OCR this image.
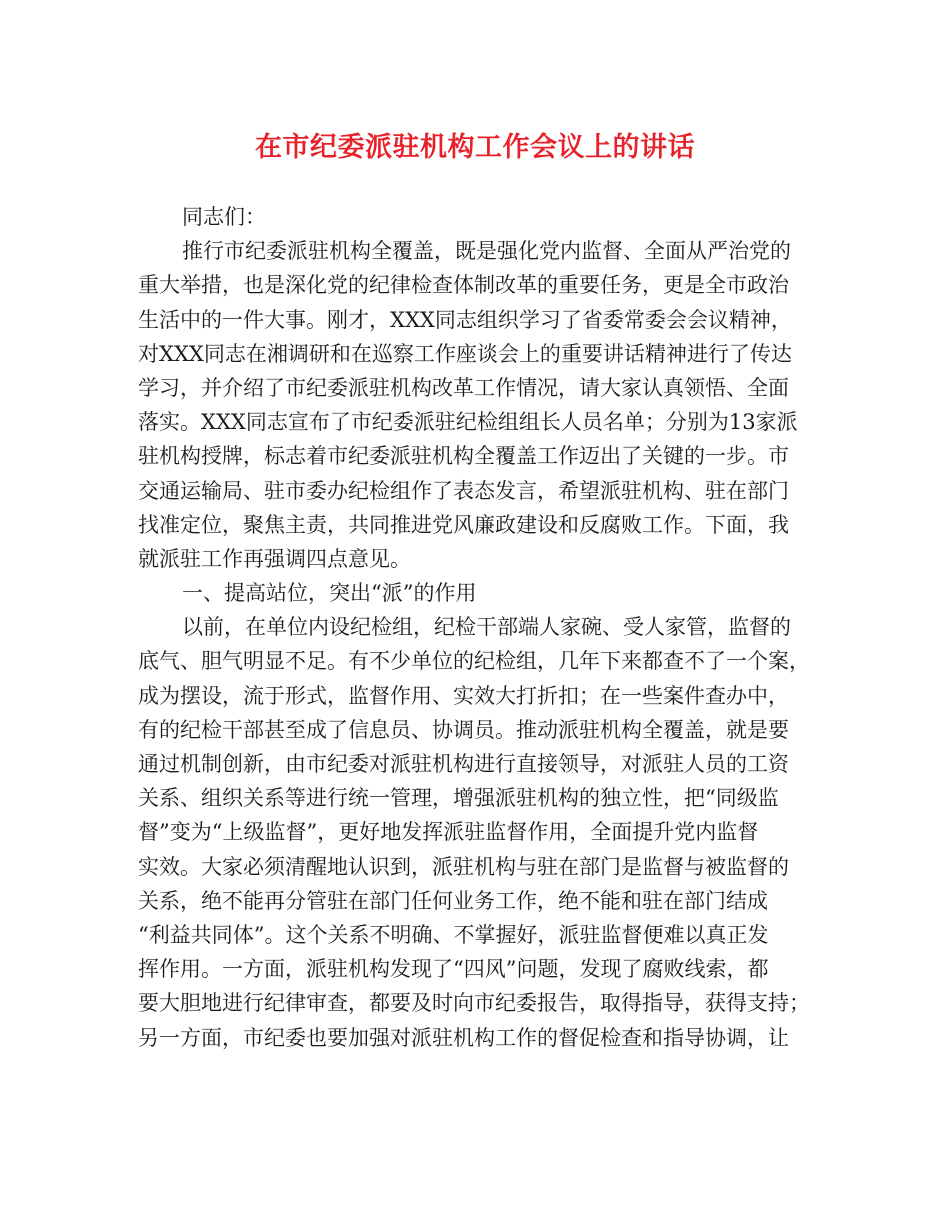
在市纪委派驻机构工作会议上的讲话
同志们：
推行市纪委派驻机构全覆盖，既是强化党内监督、全面从严治党的
重大举措，也是深化党的纪律检查体制改革的重要任务，更是全市政治
生活中的一件大事。刚才，XXX同志组织学习了省委常委会会议精神，
对XXX同志在湘调研和在巡察工作座谈会上的重要讲话精神进行了传达
学习，并介绍了市纪委派驻机构改革工作情况，请大家认真领悟、全面
落实。XXX同志宣布了市纪委派驻纪检组组长人员名单；分别为13家派
驻机构授牌，标志着市纪委派驻机构全覆盖工作迈出了关键的一步。市
交通运输局、驻市委办纪检组作了表态发言，希望派驻机构、驻在部门
找准定位，聚焦主责，共同推进党风廉政建设和反腐败工作。下面，我
就派驻工作再强调四点意见。
一、提高站位，突出“派”的作用
以前，在单位内设纪检组，纪检干部端人家碗、受人家管，监督的
底气、胆气明显不足。有不少单位的纪检组，几年下来都查不了一个案，
成为摆设，流于形式，监督作用、实效大打折扣；在一些案件查办中，
有的纪检干部甚至成了信息员、协调员。推动派驻机构全覆盖，就是要
通过机制创新，由市纪委对派驻机构进行直接领导，对派驻人员的工资
关系、组织关系等进行统一管理，增强派驻机构的独立性，把“同级监
督”变为“上级监督”，更好地发挥派驻监督作用，全面提升党内监督
实效。大家必须清醒地认识到，派驻机构与驻在部门是监督与被监督的
关系，绝不能再分管驻在部门任何业务工作，绝不能和驻在部门结成
“利益共同体”。这个关系不明确、不掌握好，派驻监督便难以真正发
挥作用。一方面，派驻机构发现了“四风”问题，发现了腐败线索，都
要大胆地进行纪律审查，都要及时向市纪委报告，取得指导，获得支持；
另一方面，市纪委也要加强对派驻机构工作的督促检查和指导协调，让
